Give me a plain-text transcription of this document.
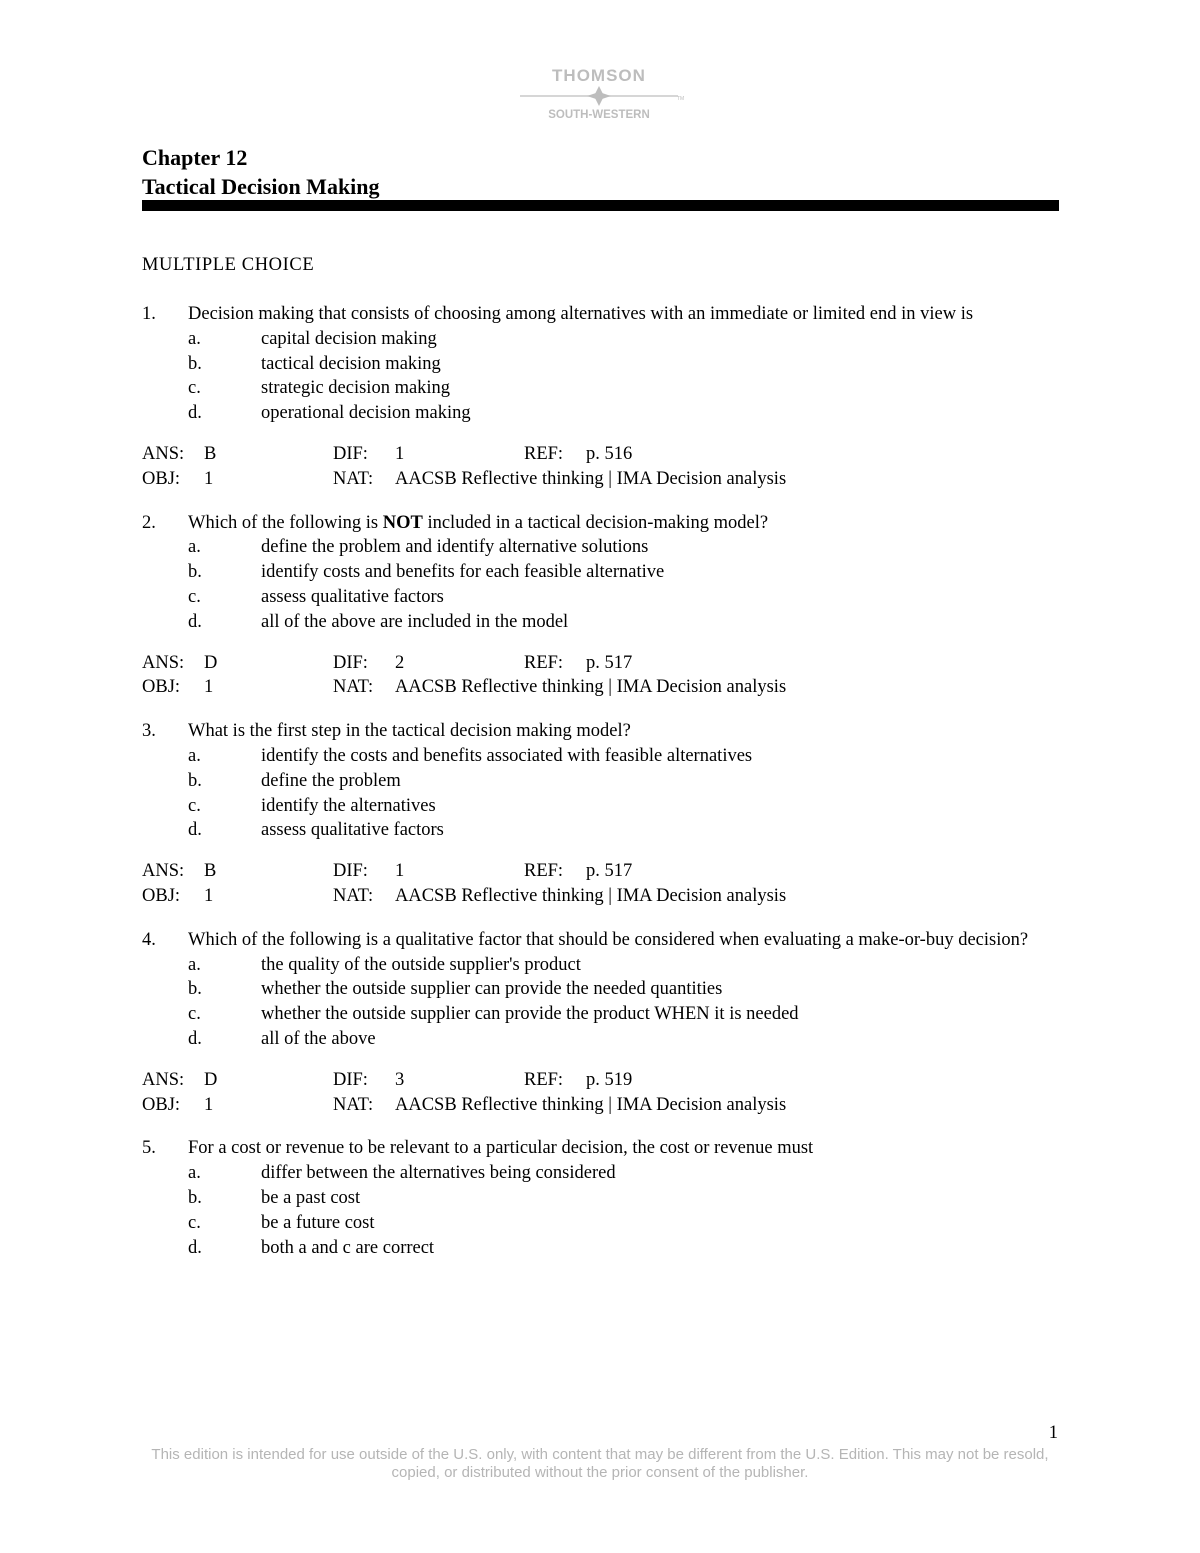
THOMSON
TM
SOUTH-WESTERN
Chapter 12
Tactical Decision Making
MULTIPLE CHOICE
1.	Decision making that consists of choosing among alternatives with an immediate or limited end in view is
a.	capital decision making
b.	tactical decision making
c.	strategic decision making
d.	operational decision making
ANS:	B	DIF:	1	REF:	p. 516
OBJ:	1	NAT:	AACSB Reflective thinking | IMA Decision analysis
2.	Which of the following is NOT included in a tactical decision-making model?
a.	define the problem and identify alternative solutions
b.	identify costs and benefits for each feasible alternative
c.	assess qualitative factors
d.	all of the above are included in the model
ANS:	D	DIF:	2	REF:	p. 517
OBJ:	1	NAT:	AACSB Reflective thinking | IMA Decision analysis
3.	What is the first step in the tactical decision making model?
a.	identify the costs and benefits associated with feasible alternatives
b.	define the problem
c.	identify the alternatives
d.	assess qualitative factors
ANS:	B	DIF:	1	REF:	p. 517
OBJ:	1	NAT:	AACSB Reflective thinking | IMA Decision analysis
4.	Which of the following is a qualitative factor that should be considered when evaluating a make-or-buy decision?
a.	the quality of the outside supplier's product
b.	whether the outside supplier can provide the needed quantities
c.	whether the outside supplier can provide the product WHEN it is needed
d.	all of the above
ANS:	D	DIF:	3	REF:	p. 519
OBJ:	1	NAT:	AACSB Reflective thinking | IMA Decision analysis
5.	For a cost or revenue to be relevant to a particular decision, the cost or revenue must
a.	differ between the alternatives being considered
b.	be a past cost
c.	be a future cost
d.	both a and c are correct
1
This edition is intended for use outside of the U.S. only, with content that may be different from the U.S. Edition. This may not be resold, copied, or distributed without the prior consent of the publisher.
